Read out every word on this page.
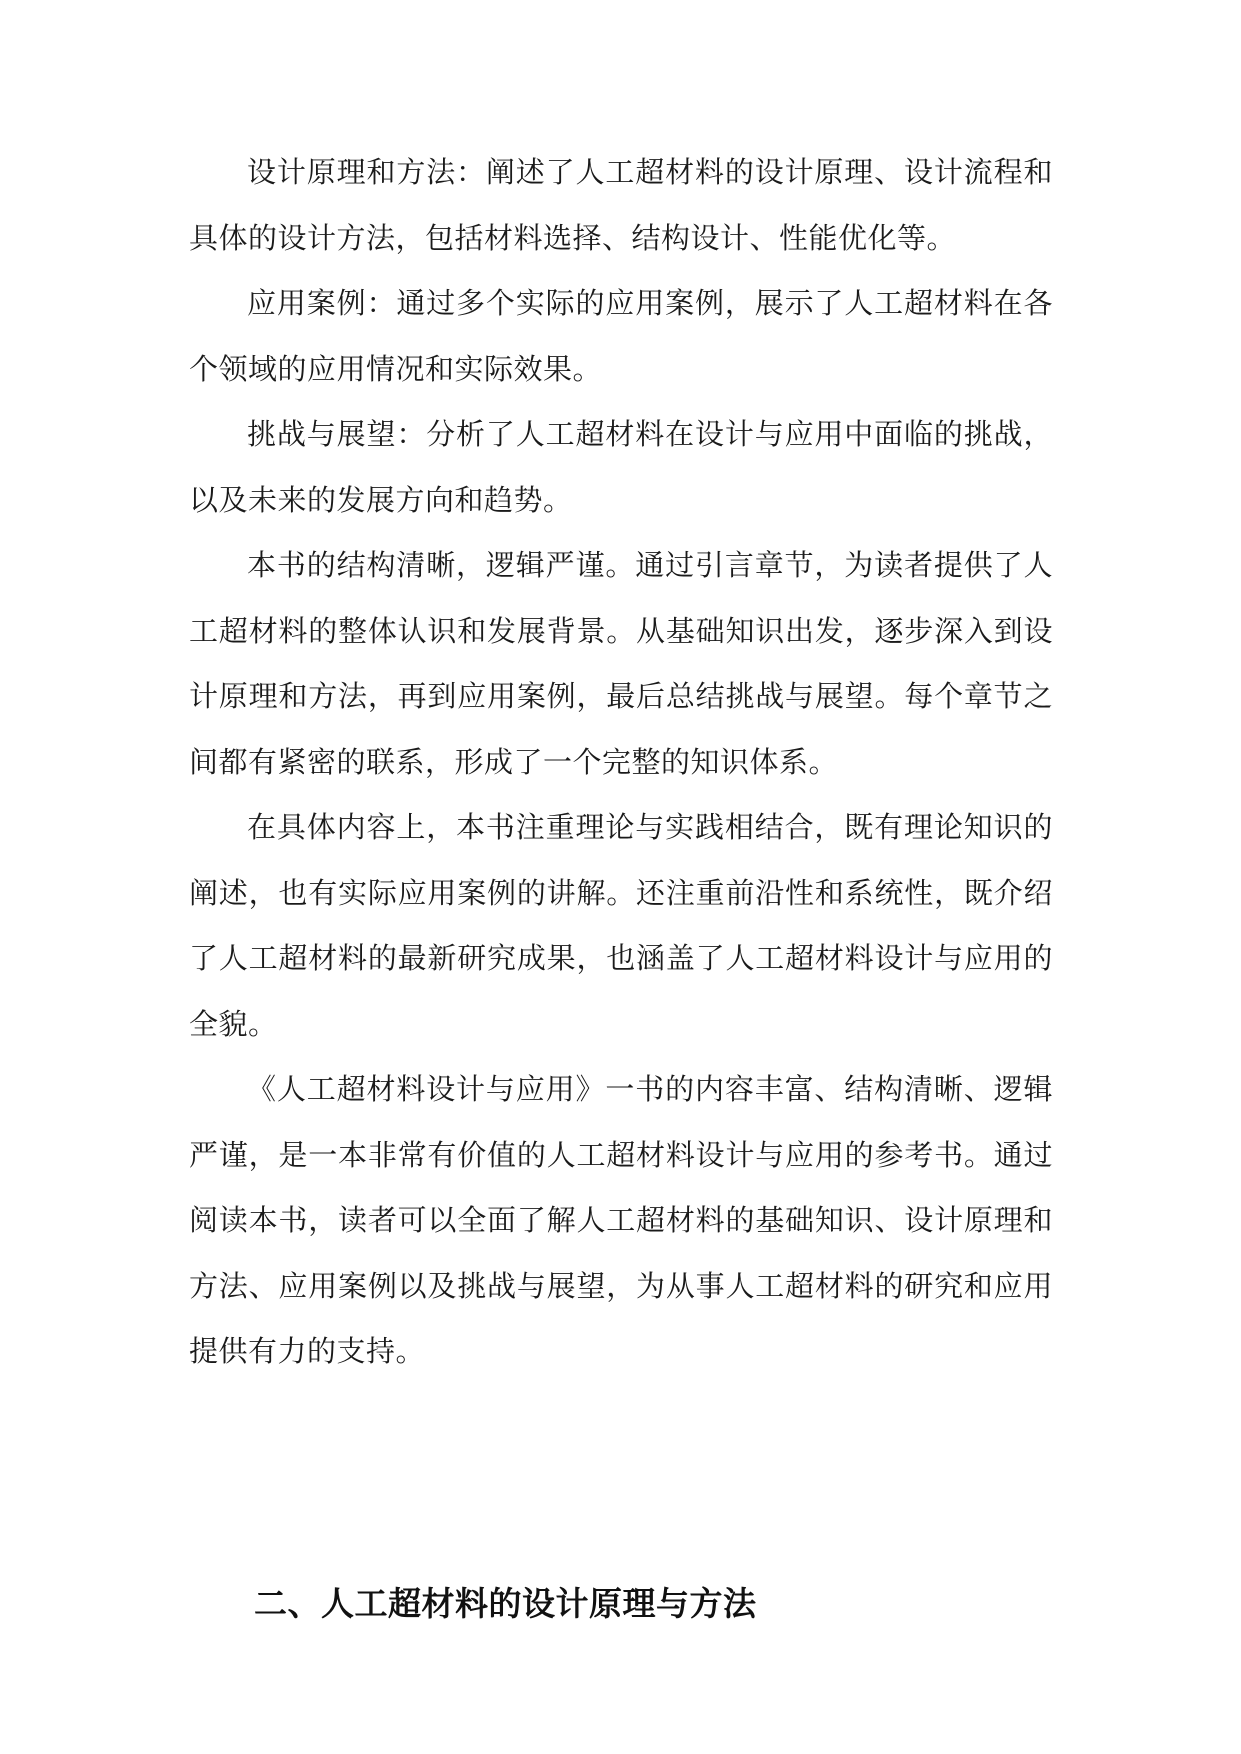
设计原理和方法：阐述了人工超材料的设计原理、设计流程和具体的设计方法，包括材料选择、结构设计、性能优化等。

应用案例：通过多个实际的应用案例，展示了人工超材料在各个领域的应用情况和实际效果。

挑战与展望：分析了人工超材料在设计与应用中面临的挑战，以及未来的发展方向和趋势。

本书的结构清晰，逻辑严谨。通过引言章节，为读者提供了人工超材料的整体认识和发展背景。从基础知识出发，逐步深入到设计原理和方法，再到应用案例，最后总结挑战与展望。每个章节之间都有紧密的联系，形成了一个完整的知识体系。

在具体内容上，本书注重理论与实践相结合，既有理论知识的阐述，也有实际应用案例的讲解。还注重前沿性和系统性，既介绍了人工超材料的最新研究成果，也涵盖了人工超材料设计与应用的全貌。

《人工超材料设计与应用》一书的内容丰富、结构清晰、逻辑严谨，是一本非常有价值的人工超材料设计与应用的参考书。通过阅读本书，读者可以全面了解人工超材料的基础知识、设计原理和方法、应用案例以及挑战与展望，为从事人工超材料的研究和应用提供有力的支持。

二、人工超材料的设计原理与方法
